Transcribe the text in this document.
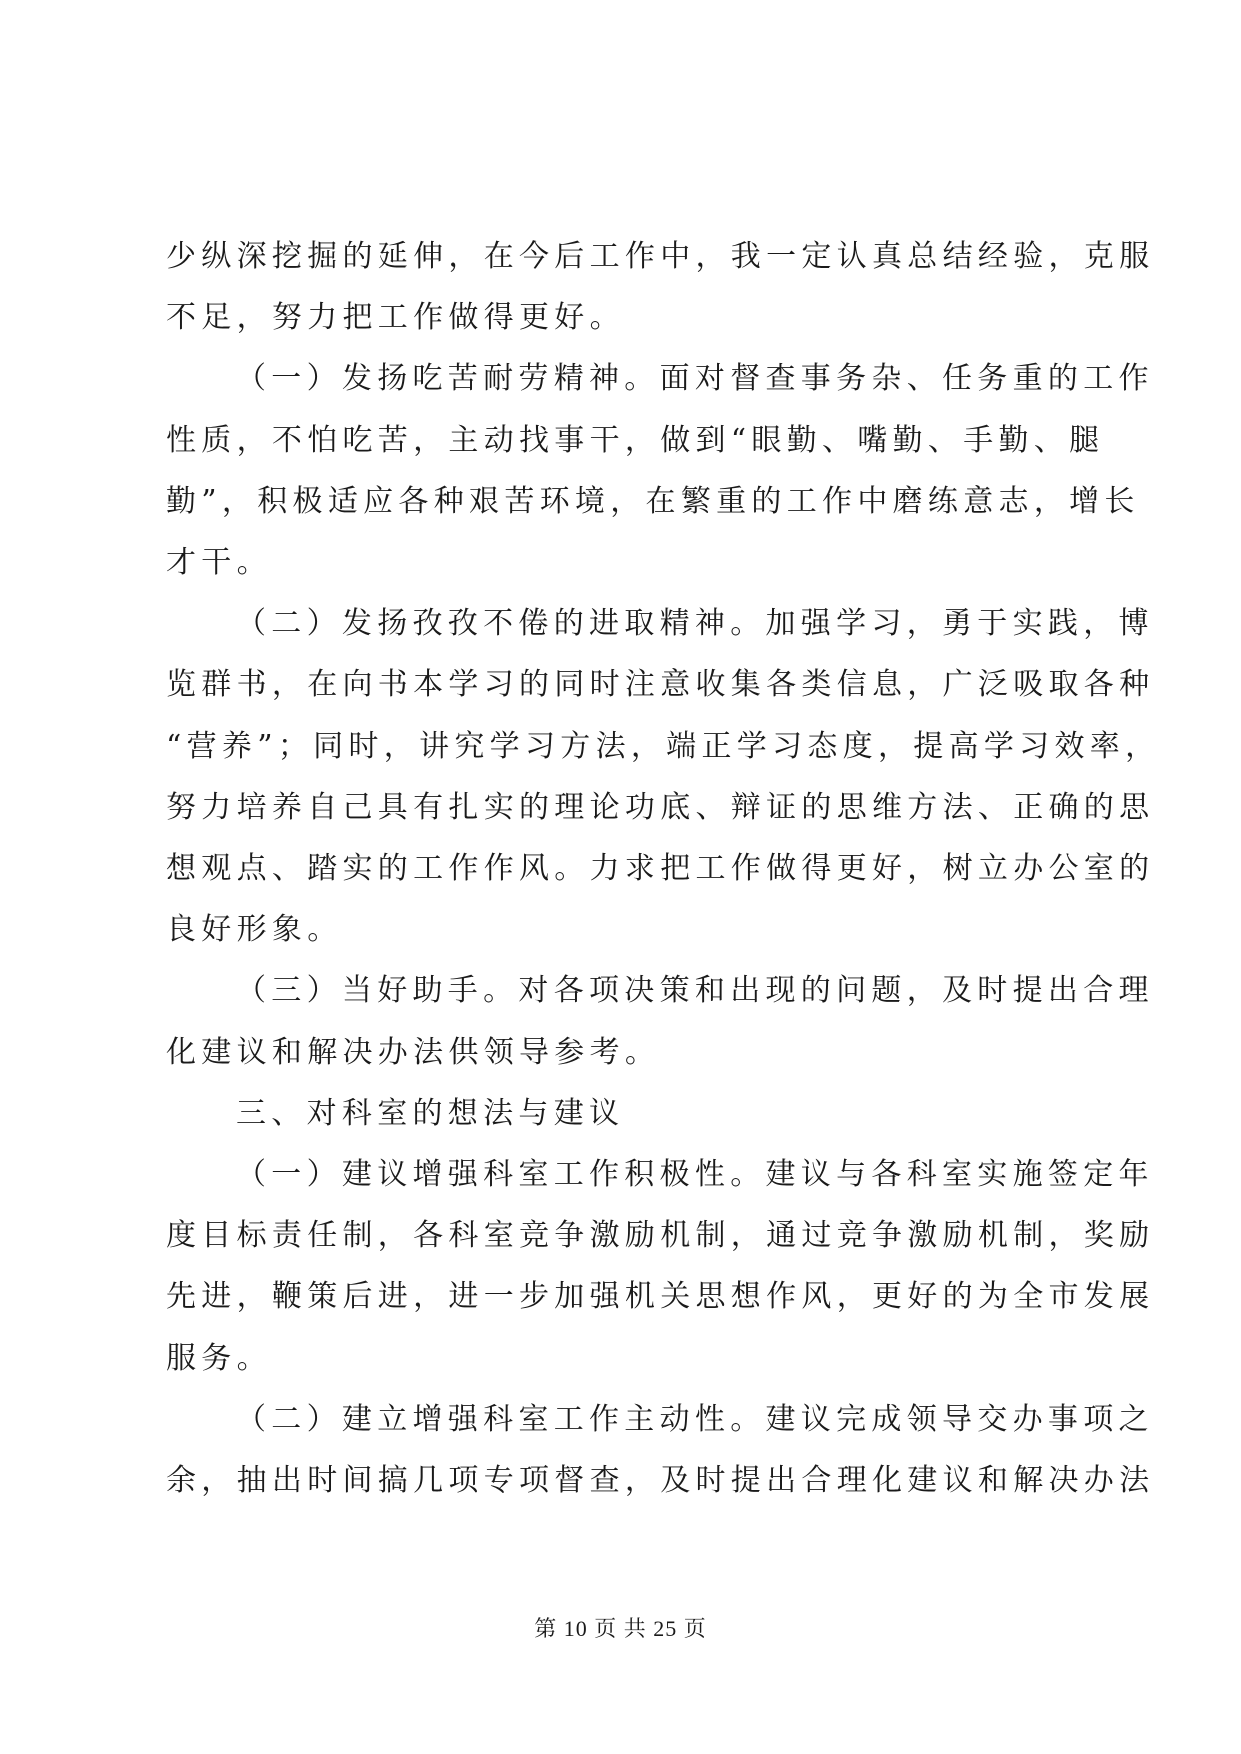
少纵深挖掘的延伸，在今后工作中，我一定认真总结经验，克服
不足，努力把工作做得更好。

（一）发扬吃苦耐劳精神。面对督查事务杂、任务重的工作
性质，不怕吃苦，主动找事干，做到“眼勤、嘴勤、手勤、腿
勤”，积极适应各种艰苦环境，在繁重的工作中磨练意志，增长
才干。

（二）发扬孜孜不倦的进取精神。加强学习，勇于实践，博
览群书，在向书本学习的同时注意收集各类信息，广泛吸取各种
“营养”；同时，讲究学习方法，端正学习态度，提高学习效率，
努力培养自己具有扎实的理论功底、辩证的思维方法、正确的思
想观点、踏实的工作作风。力求把工作做得更好，树立办公室的
良好形象。

（三）当好助手。对各项决策和出现的问题，及时提出合理
化建议和解决办法供领导参考。

三、对科室的想法与建议

（一）建议增强科室工作积极性。建议与各科室实施签定年
度目标责任制，各科室竞争激励机制，通过竞争激励机制，奖励
先进，鞭策后进，进一步加强机关思想作风，更好的为全市发展
服务。

（二）建立增强科室工作主动性。建议完成领导交办事项之
余，抽出时间搞几项专项督查，及时提出合理化建议和解决办法

第 10 页 共 25 页
